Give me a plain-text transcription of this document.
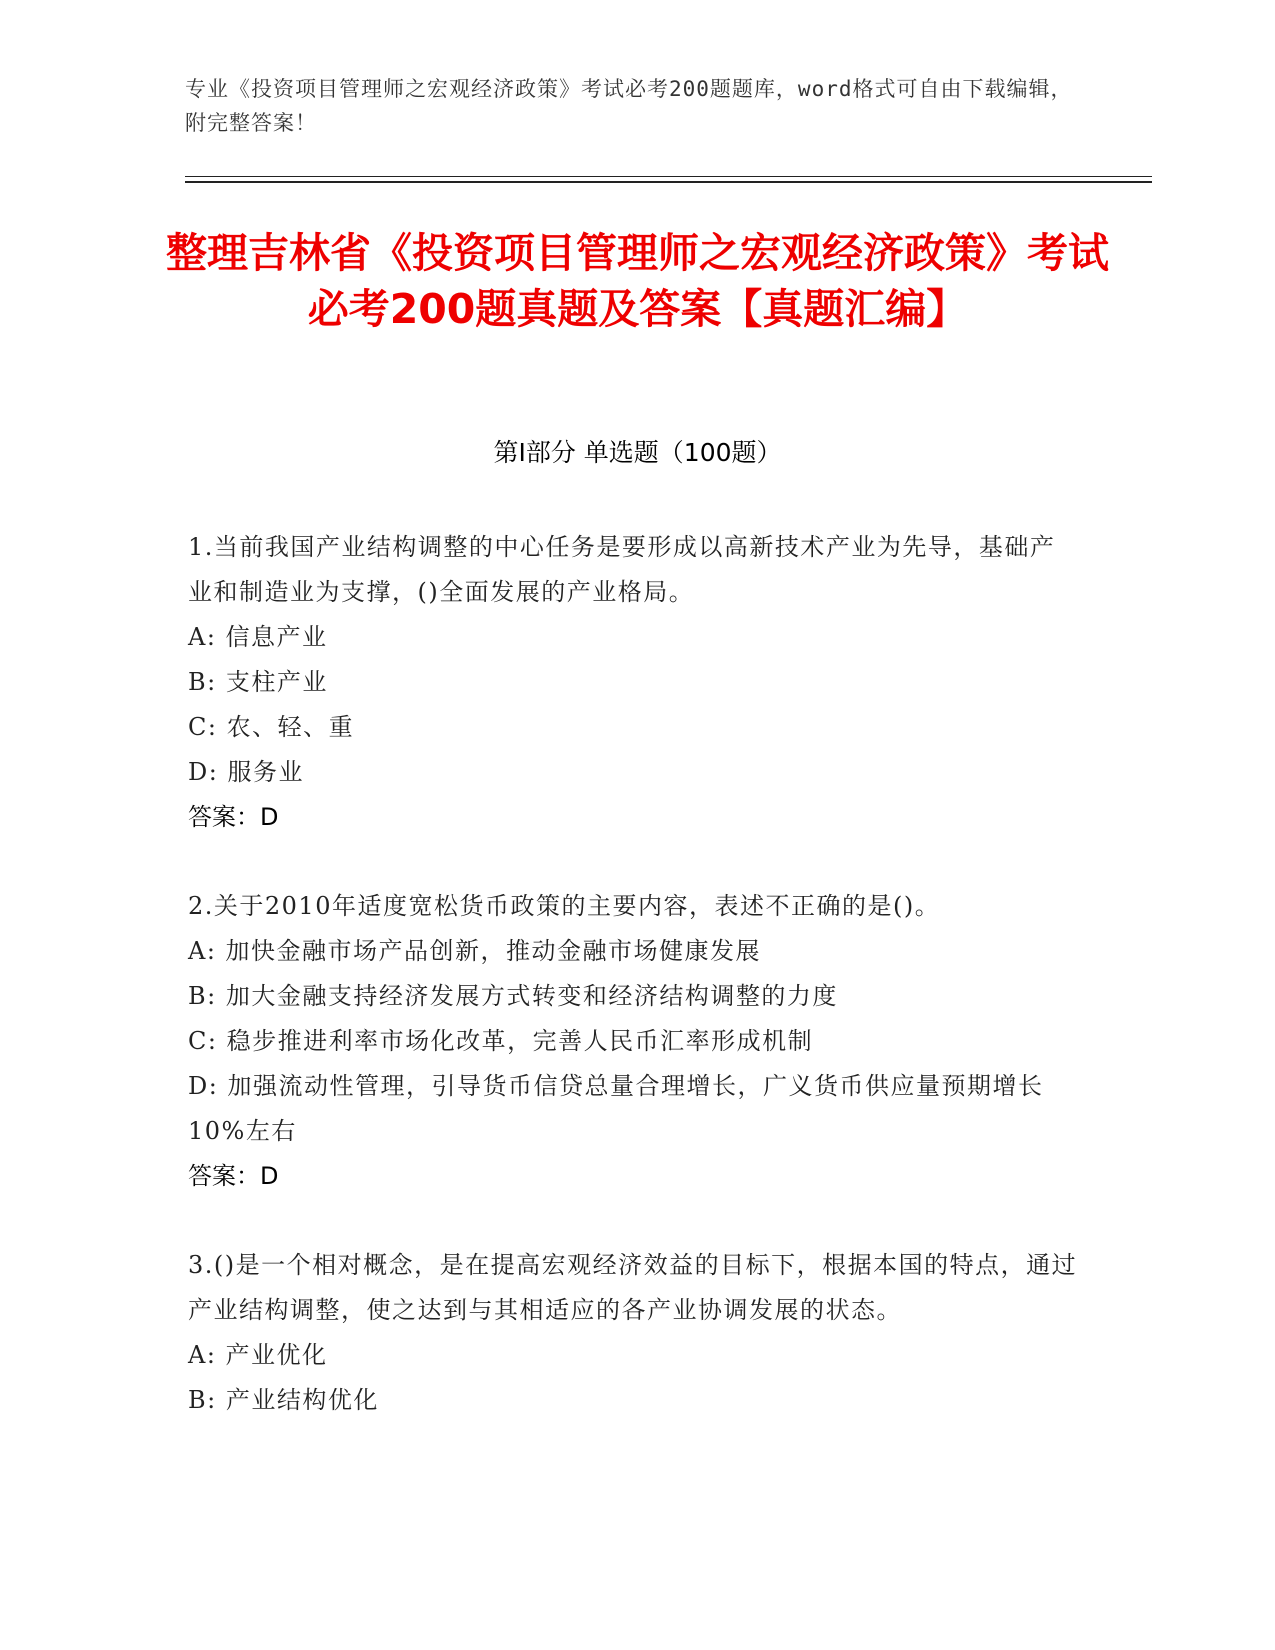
专业《投资项目管理师之宏观经济政策》考试必考200题题库，word格式可自由下载编辑，附完整答案！
整理吉林省《投资项目管理师之宏观经济政策》考试必考200题真题及答案【真题汇编】
第I部分 单选题（100题）

1.当前我国产业结构调整的中心任务是要形成以高新技术产业为先导，基础产业和制造业为支撑，()全面发展的产业格局。

A: 信息产业

B: 支柱产业

C: 农、轻、重

D: 服务业

答案：D

2.关于2010年适度宽松货币政策的主要内容，表述不正确的是()。

A: 加快金融市场产品创新，推动金融市场健康发展

B: 加大金融支持经济发展方式转变和经济结构调整的力度

C: 稳步推进利率市场化改革，完善人民币汇率形成机制

D: 加强流动性管理，引导货币信贷总量合理增长，广义货币供应量预期增长10%左右

答案：D

3.()是一个相对概念，是在提高宏观经济效益的目标下，根据本国的特点，通过产业结构调整，使之达到与其相适应的各产业协调发展的状态。

A: 产业优化

B: 产业结构优化
